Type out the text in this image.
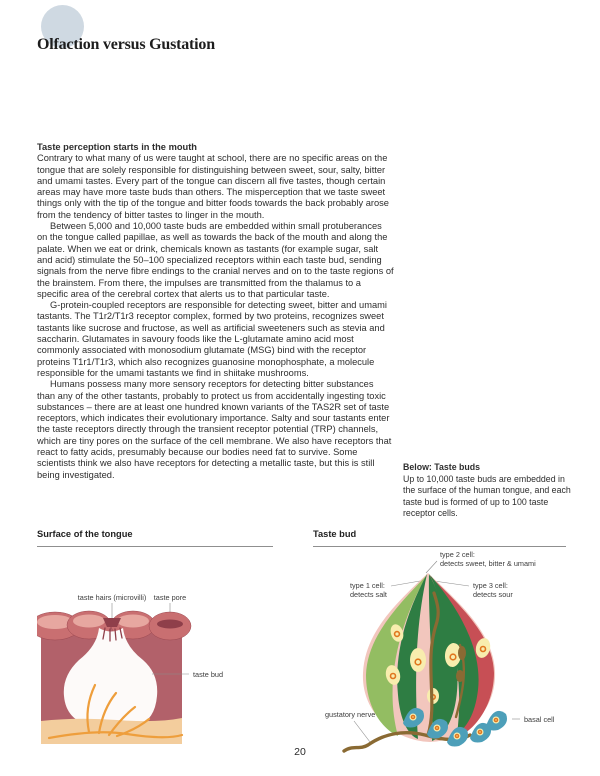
Olfaction versus Gustation
Taste perception starts in the mouth

Contrary to what many of us were taught at school, there are no specific areas on the tongue that are solely responsible for distinguishing between sweet, sour, salty, bitter and umami tastes. Every part of the tongue can discern all five tastes, though certain areas may have more taste buds than others. The misperception that we taste sweet things only with the tip of the tongue and bitter foods towards the back probably arose from the tendency of bitter tastes to linger in the mouth.

Between 5,000 and 10,000 taste buds are embedded within small protuberances on the tongue called papillae, as well as towards the back of the mouth and along the palate. When we eat or drink, chemicals known as tastants (for example sugar, salt and acid) stimulate the 50–100 specialized receptors within each taste bud, sending signals from the nerve fibre endings to the cranial nerves and on to the taste regions of the brainstem. From there, the impulses are transmitted from the thalamus to a specific area of the cerebral cortex that alerts us to that particular taste.

G-protein-coupled receptors are responsible for detecting sweet, bitter and umami tastants. The T1r2/T1r3 receptor complex, formed by two proteins, recognizes sweet tastants like sucrose and fructose, as well as artificial sweeteners such as stevia and saccharin. Glutamates in savoury foods like the L-glutamate amino acid most commonly associated with monosodium glutamate (MSG) bind with the receptor proteins T1r1/T1r3, which also recognizes guanosine monophosphate, a molecule responsible for the umami tastants we find in shiitake mushrooms.

Humans possess many more sensory receptors for detecting bitter substances than any of the other tastants, probably to protect us from accidentally ingesting toxic substances – there are at least one hundred known variants of the TAS2R set of taste receptors, which indicates their evolutionary importance. Salty and sour tastants enter the taste receptors directly through the transient receptor potential (TRP) channels, which are tiny pores on the surface of the cell membrane. We also have receptors that react to fatty acids, presumably because our bodies need fat to survive. Some scientists think we also have receptors for detecting a metallic taste, but this is still being investigated.

Below: Taste buds
Up to 10,000 taste buds are embedded in the surface of the human tongue, and each taste bud is formed of up to 100 taste receptor cells.
Surface of the tongue	Taste bud
taste hairs (microvilli) taste pore
taste bud
type 2 cell:
detects sweet, bitter & umami
type 1 cell:
detects salt
type 3 cell:
detects sour
gustatory nerve
basal cell
20
